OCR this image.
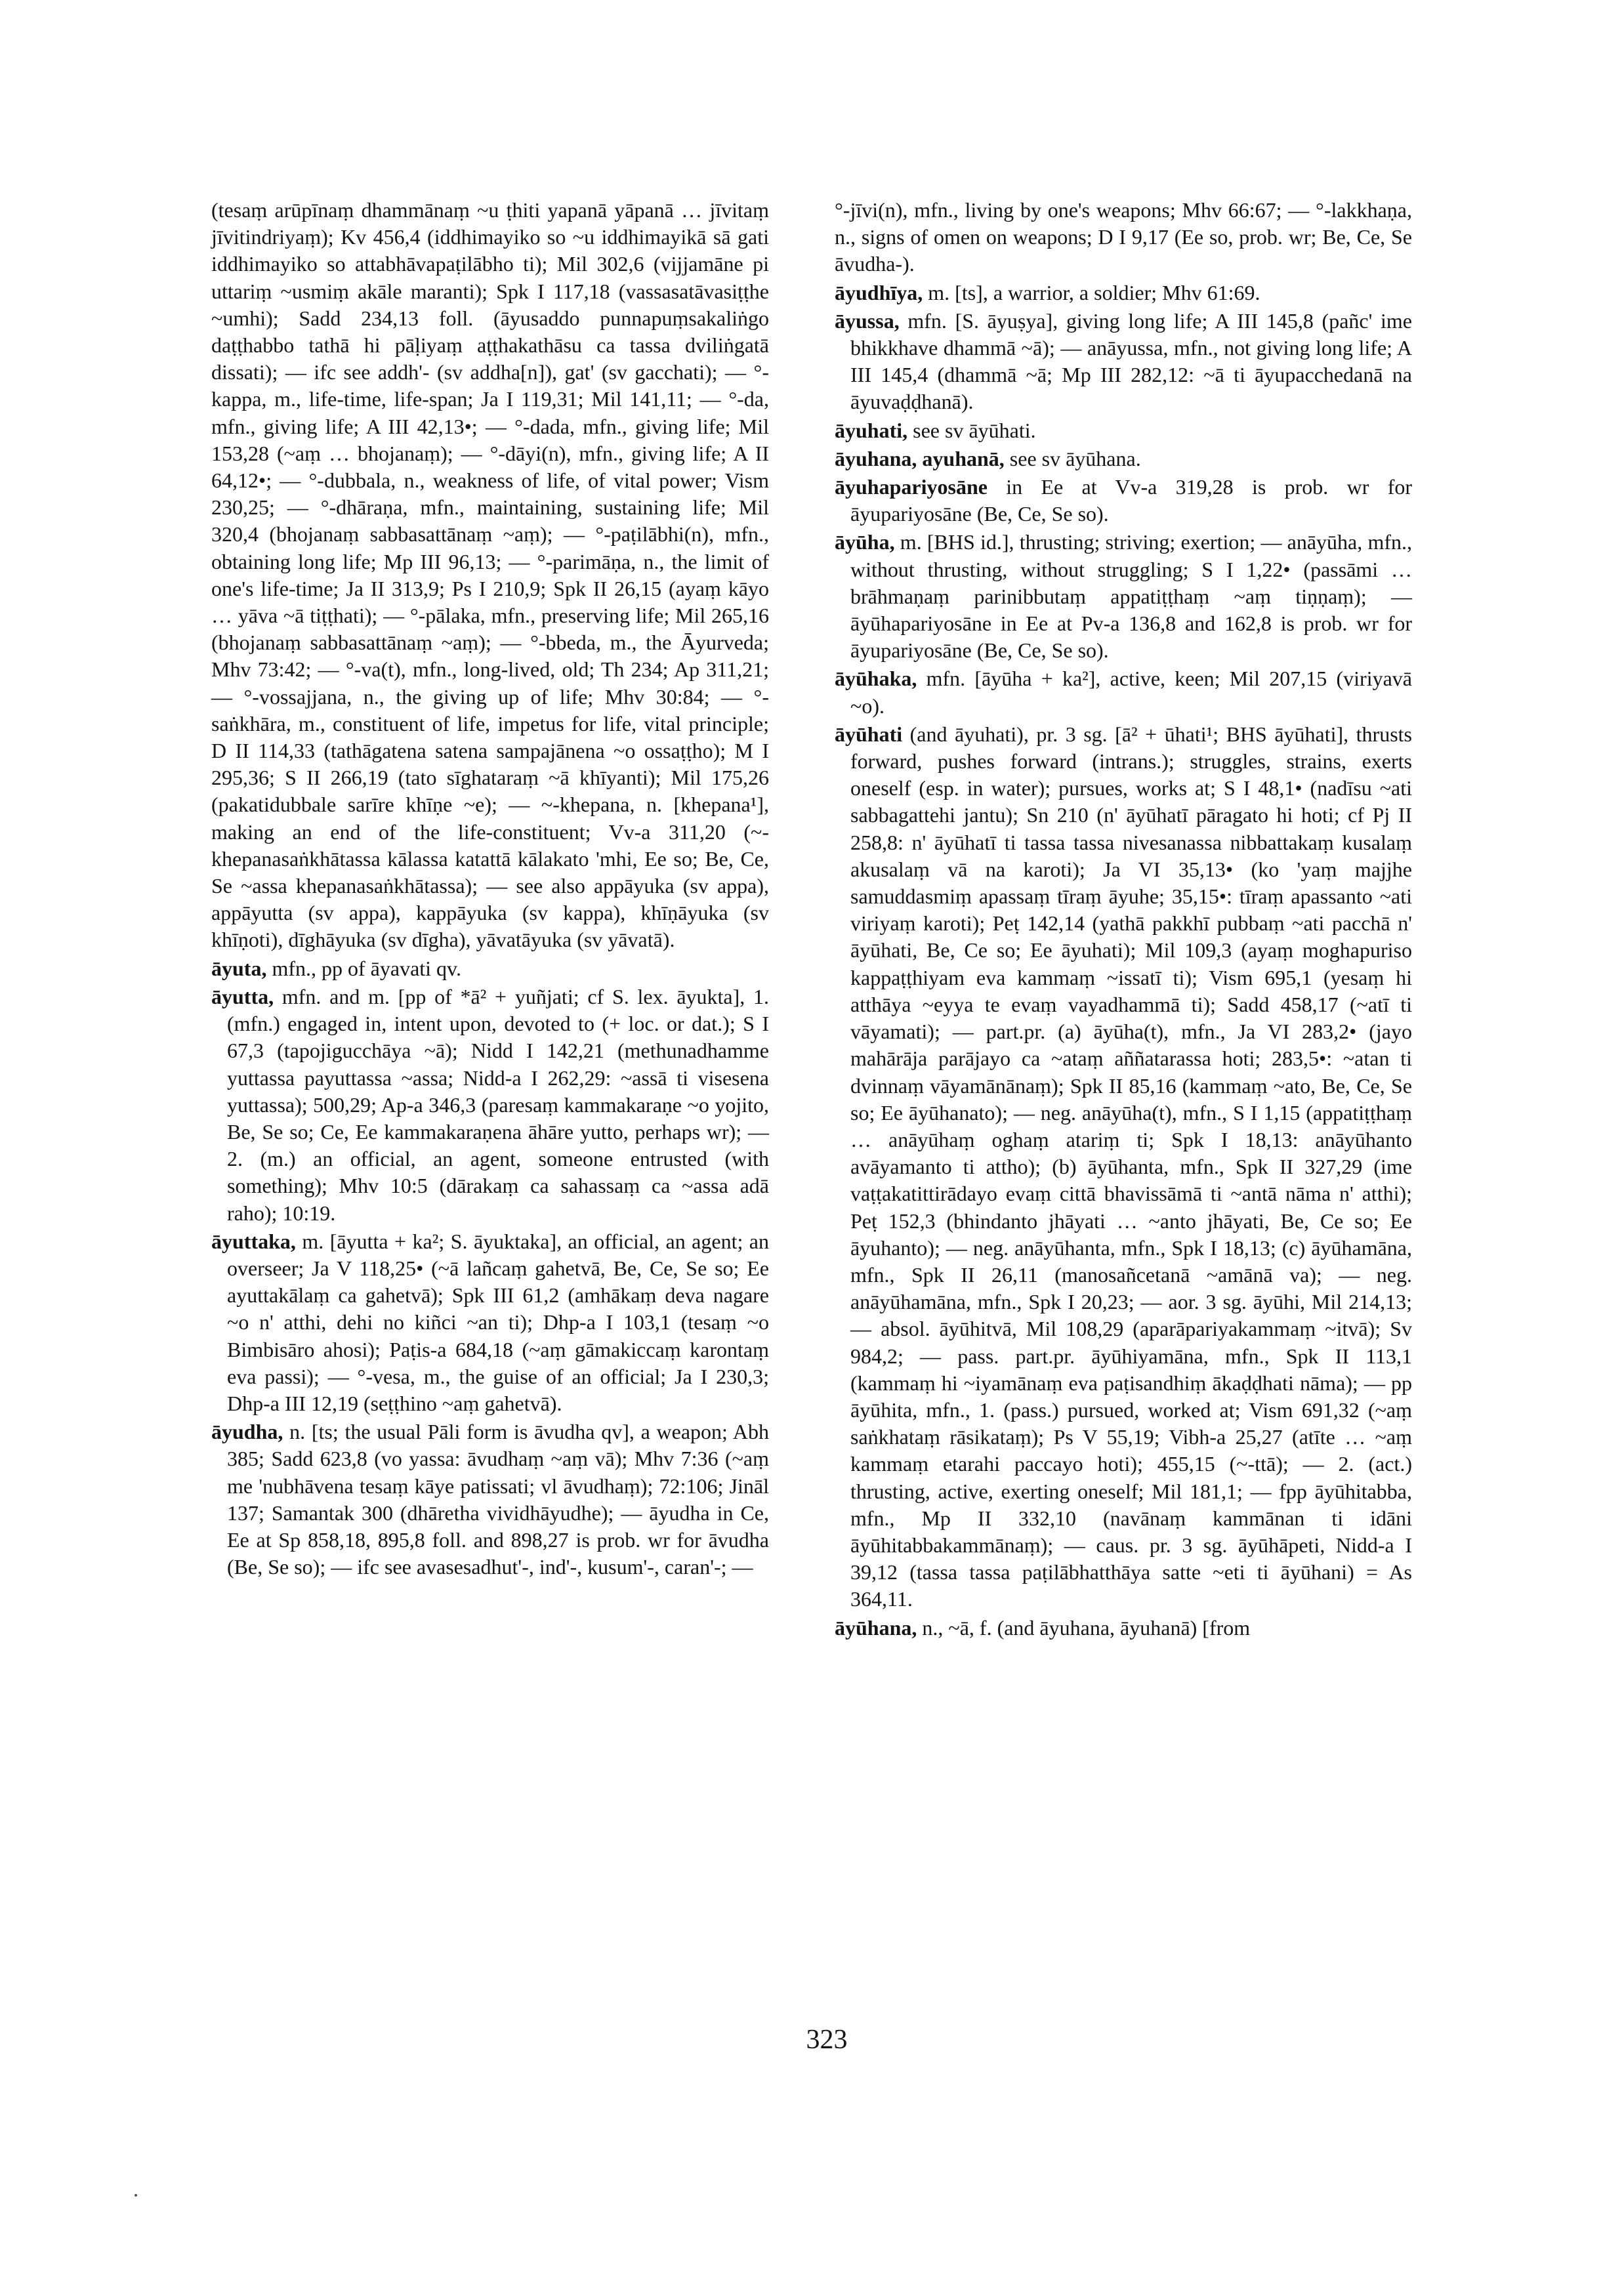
(tesaṃ arūpīnaṃ dhammānaṃ ~u ṭhiti yapanā yāpanā … jīvitaṃ jīvitindriyaṃ); Kv 456,4 (iddhimayiko so ~u iddhimayikā sā gati iddhimayiko so attabhāvapaṭilābho ti); Mil 302,6 (vijjamāne pi uttariṃ ~usmiṃ akāle maranti); Spk I 117,18 (vassasatāvasiṭṭhe ~umhi); Sadd 234,13 foll. (āyusaddo punnapuṃsakaliṅgo daṭṭhabbo tathā hi pāḷiyaṃ aṭṭhakathāsu ca tassa dviliṅgatā dissati); — ifc see addh'- (sv addha[n]), gat' (sv gacchati); — °-kappa, m., life-time, life-span; Ja I 119,31; Mil 141,11; — °-da, mfn., giving life; A III 42,13•; — °-dada, mfn., giving life; Mil 153,28 (~aṃ … bhojanaṃ); — °-dāyi(n), mfn., giving life; A II 64,12•; — °-dubbala, n., weakness of life, of vital power; Vism 230,25; — °-dhāraṇa, mfn., maintaining, sustaining life; Mil 320,4 (bhojanaṃ sabbasattānaṃ ~aṃ); — °-paṭilābhi(n), mfn., obtaining long life; Mp III 96,13; — °-parimāṇa, n., the limit of one's life-time; Ja II 313,9; Ps I 210,9; Spk II 26,15 (ayaṃ kāyo … yāva ~ā tiṭṭhati); — °-pālaka, mfn., preserving life; Mil 265,16 (bhojanaṃ sabbasattānaṃ ~aṃ); — °-bbeda, m., the Āyurveda; Mhv 73:42; — °-va(t), mfn., long-lived, old; Th 234; Ap 311,21; — °-vossajjana, n., the giving up of life; Mhv 30:84; — °-saṅkhāra, m., constituent of life, impetus for life, vital principle; D II 114,33 (tathāgatena satena sampajānena ~o ossaṭṭho); M I 295,36; S II 266,19 (tato sīghataraṃ ~ā khīyanti); Mil 175,26 (pakatidubbale sarīre khīṇe ~e); — ~-khepana, n. [khepana¹], making an end of the life-constituent; Vv-a 311,20 (~-khepanasaṅkhātassa kālassa katattā kālakato 'mhi, Ee so; Be, Ce, Se ~assa khepanasaṅkhātassa); — see also appāyuka (sv appa), appāyutta (sv appa), kappāyuka (sv kappa), khīṇāyuka (sv khīṇoti), dīghāyuka (sv dīgha), yāvatāyuka (sv yāvatā).

āyuta, mfn., pp of āyavati qv.

āyutta, mfn. and m. [pp of *ā² + yuñjati; cf S. lex. āyukta], 1. (mfn.) engaged in, intent upon, devoted to (+ loc. or dat.); S I 67,3 (tapojigucchāya ~ā); Nidd I 142,21 (methunadhamme yuttassa payuttassa ~assa; Nidd-a I 262,29: ~assā ti visesena yuttassa); 500,29; Ap-a 346,3 (paresaṃ kammakaraṇe ~o yojito, Be, Se so; Ce, Ee kammakaraṇena āhāre yutto, perhaps wr); — 2. (m.) an official, an agent, someone entrusted (with something); Mhv 10:5 (dārakaṃ ca sahassaṃ ca ~assa adā raho); 10:19.

āyuttaka, m. [āyutta + ka²; S. āyuktaka], an official, an agent; an overseer; Ja V 118,25• (~ā lañcaṃ gahetvā, Be, Ce, Se so; Ee ayuttakālaṃ ca gahetvā); Spk III 61,2 (amhākaṃ deva nagare ~o n' atthi, dehi no kiñci ~an ti); Dhp-a I 103,1 (tesaṃ ~o Bimbisāro ahosi); Paṭis-a 684,18 (~aṃ gāmakiccaṃ karontaṃ eva passi); — °-vesa, m., the guise of an official; Ja I 230,3; Dhp-a III 12,19 (seṭṭhino ~aṃ gahetvā).

āyudha, n. [ts; the usual Pāli form is āvudha qv], a weapon; Abh 385; Sadd 623,8 (vo yassa: āvudhaṃ ~aṃ vā); Mhv 7:36 (~aṃ me 'nubhāvena tesaṃ kāye patissati; vl āvudhaṃ); 72:106; Jināl 137; Samantak 300 (dhāretha vividhāyudhe); — āyudha in Ce, Ee at Sp 858,18, 895,8 foll. and 898,27 is prob. wr for āvudha (Be, Se so); — ifc see avasesadhut'-, ind'-, kusum'-, caran'-; —

°-jīvi(n), mfn., living by one's weapons; Mhv 66:67; — °-lakkhaṇa, n., signs of omen on weapons; D I 9,17 (Ee so, prob. wr; Be, Ce, Se āvudha-).

āyudhīya, m. [ts], a warrior, a soldier; Mhv 61:69.

āyussa, mfn. [S. āyuṣya], giving long life; A III 145,8 (pañc' ime bhikkhave dhammā ~ā); — anāyussa, mfn., not giving long life; A III 145,4 (dhammā ~ā; Mp III 282,12: ~ā ti āyupacchedanā na āyuvaḍḍhanā).

āyuhati, see sv āyūhati.

āyuhana, ayuhanā, see sv āyūhana.

āyuhapariyosāne in Ee at Vv-a 319,28 is prob. wr for āyupariyosāne (Be, Ce, Se so).

āyūha, m. [BHS id.], thrusting; striving; exertion; — anāyūha, mfn., without thrusting, without struggling; S I 1,22• (passāmi … brāhmaṇaṃ parinibbutaṃ appatiṭṭhaṃ ~aṃ tiṇṇaṃ); — āyūhapariyosāne in Ee at Pv-a 136,8 and 162,8 is prob. wr for āyupariyosāne (Be, Ce, Se so).

āyūhaka, mfn. [āyūha + ka²], active, keen; Mil 207,15 (viriyavā ~o).

āyūhati (and āyuhati), pr. 3 sg. [ā² + ūhati¹; BHS āyūhati], thrusts forward, pushes forward (intrans.); struggles, strains, exerts oneself (esp. in water); pursues, works at; S I 48,1• (nadīsu ~ati sabbagattehi jantu); Sn 210 (n' āyūhatī pāragato hi hoti; cf Pj II 258,8: n' āyūhatī ti tassa tassa nivesanassa nibbattakaṃ kusalaṃ akusalaṃ vā na karoti); Ja VI 35,13• (ko 'yaṃ majjhe samuddasmiṃ apassaṃ tīraṃ āyuhe; 35,15•: tīraṃ apassanto ~ati viriyaṃ karoti); Peṭ 142,14 (yathā pakkhī pubbaṃ ~ati pacchā n' āyūhati, Be, Ce so; Ee āyuhati); Mil 109,3 (ayaṃ moghapuriso kappaṭṭhiyam eva kammaṃ ~issatī ti); Vism 695,1 (yesaṃ hi atthāya ~eyya te evaṃ vayadhammā ti); Sadd 458,17 (~atī ti vāyamati); — part.pr. (a) āyūha(t), mfn., Ja VI 283,2• (jayo mahārāja parājayo ca ~ataṃ aññatarassa hoti; 283,5•: ~atan ti dvinnaṃ vāyamānānaṃ); Spk II 85,16 (kammaṃ ~ato, Be, Ce, Se so; Ee āyūhanato); — neg. anāyūha(t), mfn., S I 1,15 (appatiṭṭhaṃ … anāyūhaṃ oghaṃ atariṃ ti; Spk I 18,13: anāyūhanto avāyamanto ti attho); (b) āyūhanta, mfn., Spk II 327,29 (ime vaṭṭakatittirādayo evaṃ cittā bhavissāmā ti ~antā nāma n' atthi); Peṭ 152,3 (bhindanto jhāyati … ~anto jhāyati, Be, Ce so; Ee āyuhanto); — neg. anāyūhanta, mfn., Spk I 18,13; (c) āyūhamāna, mfn., Spk II 26,11 (manosañcetanā ~amānā va); — neg. anāyūhamāna, mfn., Spk I 20,23; — aor. 3 sg. āyūhi, Mil 214,13; — absol. āyūhitvā, Mil 108,29 (aparāpariyakammaṃ ~itvā); Sv 984,2; — pass. part.pr. āyūhiyamāna, mfn., Spk II 113,1 (kammaṃ hi ~iyamānaṃ eva paṭisandhiṃ ākaḍḍhati nāma); — pp āyūhita, mfn., 1. (pass.) pursued, worked at; Vism 691,32 (~aṃ saṅkhataṃ rāsikataṃ); Ps V 55,19; Vibh-a 25,27 (atīte … ~aṃ kammaṃ etarahi paccayo hoti); 455,15 (~-ttā); — 2. (act.) thrusting, active, exerting oneself; Mil 181,1; — fpp āyūhitabba, mfn., Mp II 332,10 (navānaṃ kammānan ti idāni āyūhitabbakammānaṃ); — caus. pr. 3 sg. āyūhāpeti, Nidd-a I 39,12 (tassa tassa paṭilābhatthāya satte ~eti ti āyūhani) = As 364,11.

āyūhana, n., ~ā, f. (and āyuhana, āyuhanā) [from

323
